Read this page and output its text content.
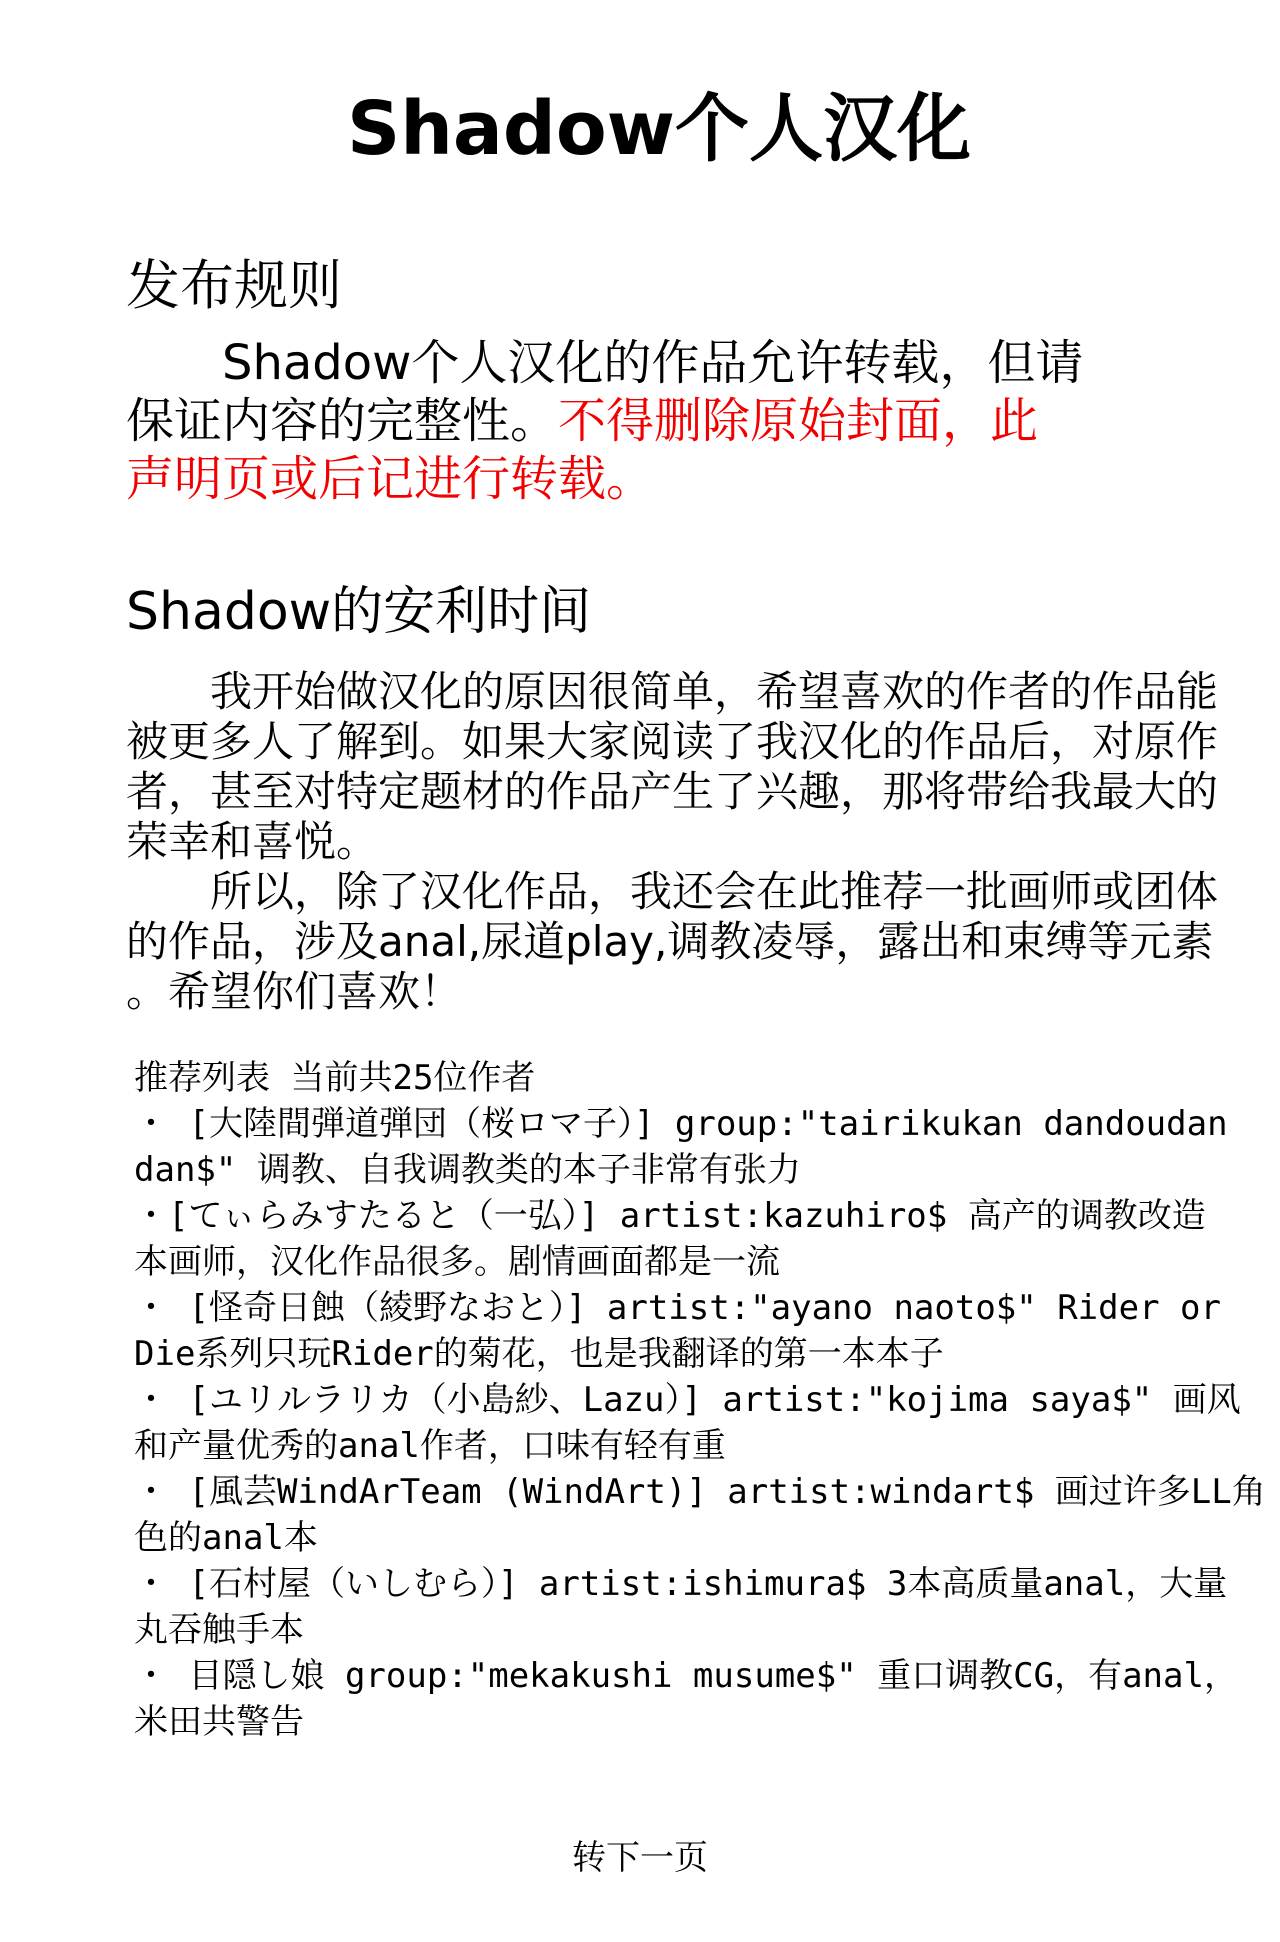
Shadow个人汉化
发布规则
Shadow个人汉化的作品允许转载，但请
保证内容的完整性。不得删除原始封面，此
声明页或后记进行转载。
Shadow的安利时间
我开始做汉化的原因很简单，希望喜欢的作者的作品能
被更多人了解到。如果大家阅读了我汉化的作品后，对原作
者，甚至对特定题材的作品产生了兴趣，那将带给我最大的
荣幸和喜悦。
所以，除了汉化作品，我还会在此推荐一批画师或团体
的作品，涉及anal,尿道play,调教凌辱，露出和束缚等元素
。希望你们喜欢！
推荐列表 当前共25位作者
・ [大陸間弾道弾団（桜ロマ子）] group:"tairikukan dandoudan
dan$" 调教、自我调教类的本子非常有张力
・[てぃらみすたると（一弘）] artist:kazuhiro$ 高产的调教改造
本画师，汉化作品很多。剧情画面都是一流
・ [怪奇日蝕（綾野なおと）] artist:"ayano naoto$" Rider or
Die系列只玩Rider的菊花，也是我翻译的第一本本子
・ [ユリルラリカ（小島紗、Lazu）] artist:"kojima saya$" 画风
和产量优秀的anal作者，口味有轻有重
・ [風芸WindArTeam (WindArt)] artist:windart$ 画过许多LL角
色的anal本
・ [石村屋（いしむら）] artist:ishimura$ 3本高质量anal，大量
丸吞触手本
・ 目隠し娘 group:"mekakushi musume$" 重口调教CG，有anal，
米田共警告
转下一页
